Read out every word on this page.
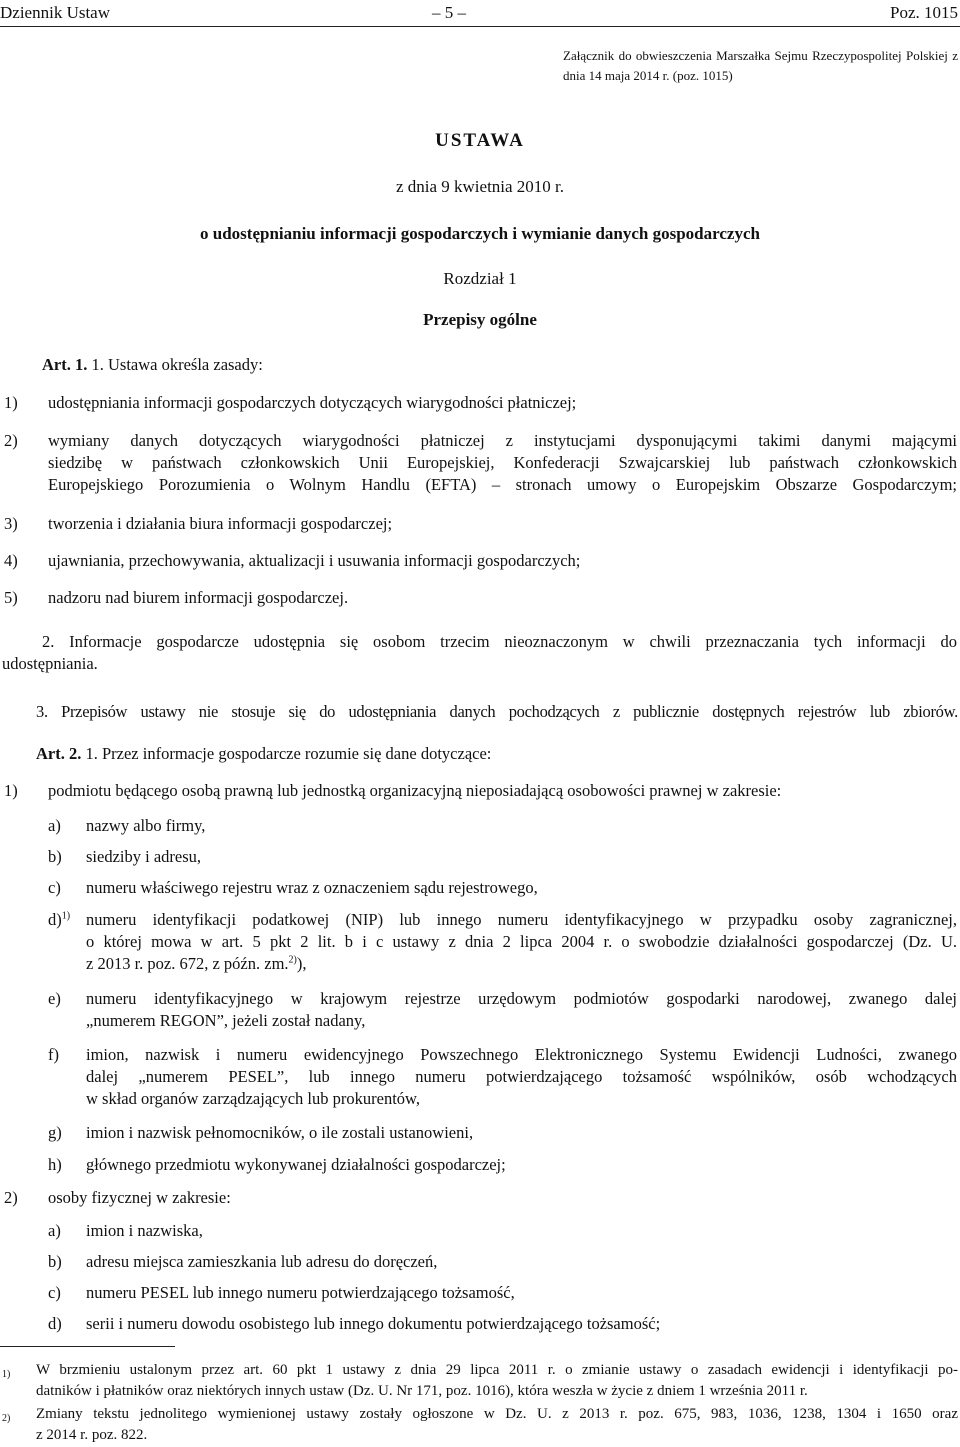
Dziennik Ustaw	– 5 –	Poz. 1015
Załącznik do obwieszczenia Marszałka Sejmu Rzeczypospolitej Polskiej z dnia 14 maja 2014 r. (poz. 1015)
USTAWA
z dnia 9 kwietnia 2010 r.
o udostępnianiu informacji gospodarczych i wymianie danych gospodarczych
Rozdział 1
Przepisy ogólne
Art. 1. 1. Ustawa określa zasady:
1) udostępniania informacji gospodarczych dotyczących wiarygodności płatniczej;
2) wymiany danych dotyczących wiarygodności płatniczej z instytucjami dysponującymi takimi danymi mającymi
siedzibę w państwach członkowskich Unii Europejskiej, Konfederacji Szwajcarskiej lub państwach członkowskich
Europejskiego Porozumienia o Wolnym Handlu (EFTA) – stronach umowy o Europejskim Obszarze Gospodarczym;
3) tworzenia i działania biura informacji gospodarczej;
4) ujawniania, przechowywania, aktualizacji i usuwania informacji gospodarczych;
5) nadzoru nad biurem informacji gospodarczej.
2. Informacje gospodarcze udostępnia się osobom trzecim nieoznaczonym w chwili przeznaczania tych informacji do
udostępniania.
3. Przepisów ustawy nie stosuje się do udostępniania danych pochodzących z publicznie dostępnych rejestrów lub zbiorów.
Art. 2. 1. Przez informacje gospodarcze rozumie się dane dotyczące:
1) podmiotu będącego osobą prawną lub jednostką organizacyjną nieposiadającą osobowości prawnej w zakresie:
a) nazwy albo firmy,
b) siedziby i adresu,
c) numeru właściwego rejestru wraz z oznaczeniem sądu rejestrowego,
d)$^{1)}$ numeru identyfikacji podatkowej (NIP) lub innego numeru identyfikacyjnego w przypadku osoby zagranicznej,
o której mowa w art. 5 pkt 2 lit. b i c ustawy z dnia 2 lipca 2004 r. o swobodzie działalności gospodarczej (Dz. U.
z 2013 r. poz. 672, z późn. zm.$^{2)}$),
e) numeru identyfikacyjnego w krajowym rejestrze urzędowym podmiotów gospodarki narodowej, zwanego dalej
„numerem REGON”, jeżeli został nadany,
f) imion, nazwisk i numeru ewidencyjnego Powszechnego Elektronicznego Systemu Ewidencji Ludności, zwanego
dalej „numerem PESEL”, lub innego numeru potwierdzającego tożsamość wspólników, osób wchodzących
w skład organów zarządzających lub prokurentów,
g) imion i nazwisk pełnomocników, o ile zostali ustanowieni,
h) głównego przedmiotu wykonywanej działalności gospodarczej;
2) osoby fizycznej w zakresie:
a) imion i nazwiska,
b) adresu miejsca zamieszkania lub adresu do doręczeń,
c) numeru PESEL lub innego numeru potwierdzającego tożsamość,
d) serii i numeru dowodu osobistego lub innego dokumentu potwierdzającego tożsamość;
1) W brzmieniu ustalonym przez art. 60 pkt 1 ustawy z dnia 29 lipca 2011 r. o zmianie ustawy o zasadach ewidencji i identyfikacji po-
datników i płatników oraz niektórych innych ustaw (Dz. U. Nr 171, poz. 1016), która weszła w życie z dniem 1 września 2011 r.
2) Zmiany tekstu jednolitego wymienionej ustawy zostały ogłoszone w Dz. U. z 2013 r. poz. 675, 983, 1036, 1238, 1304 i 1650 oraz
z 2014 r. poz. 822.
